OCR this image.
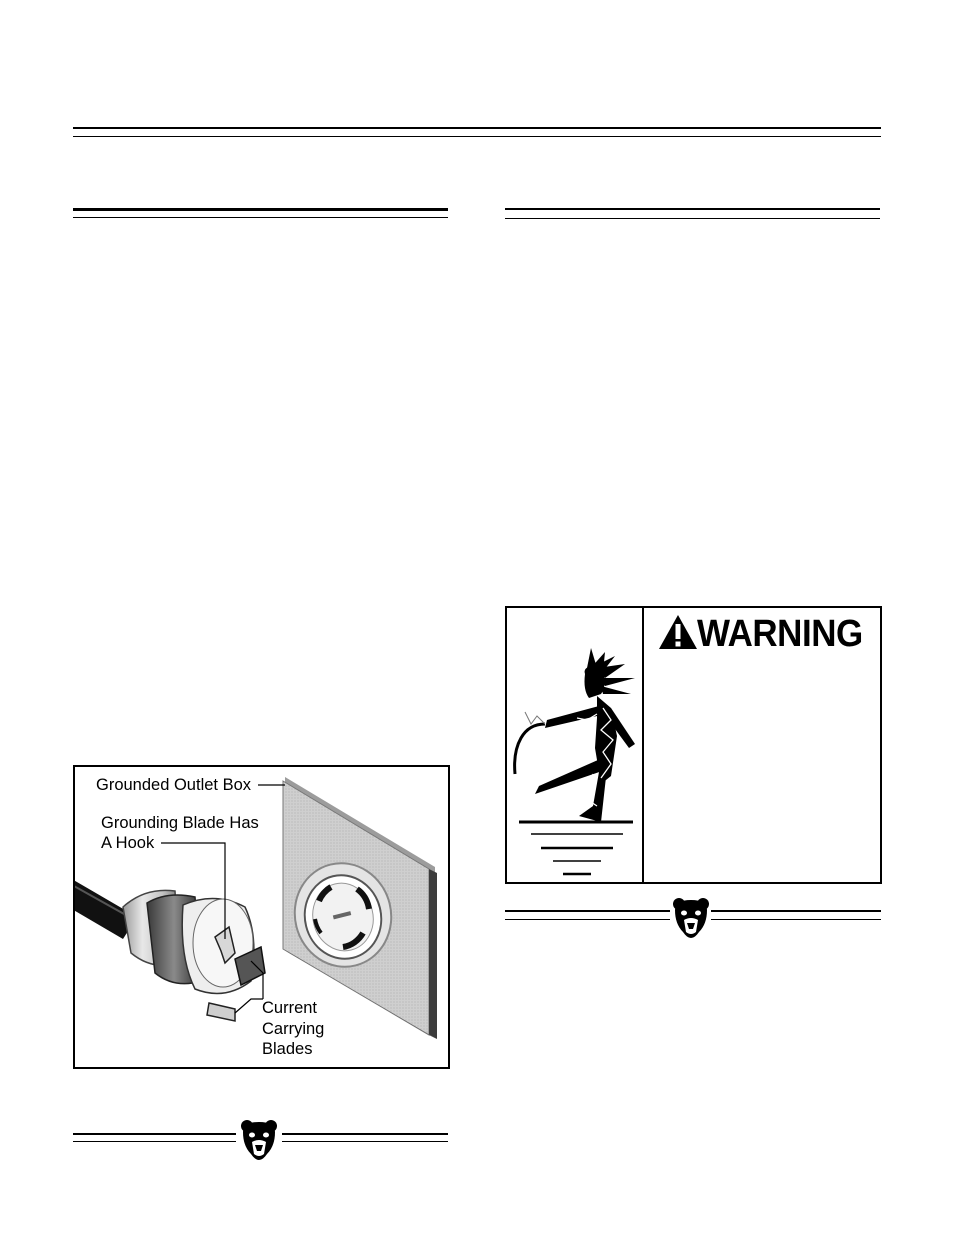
Grounded Outlet Box
Grounding Blade Has
A Hook
Current
Carrying
Blades
WARNING
